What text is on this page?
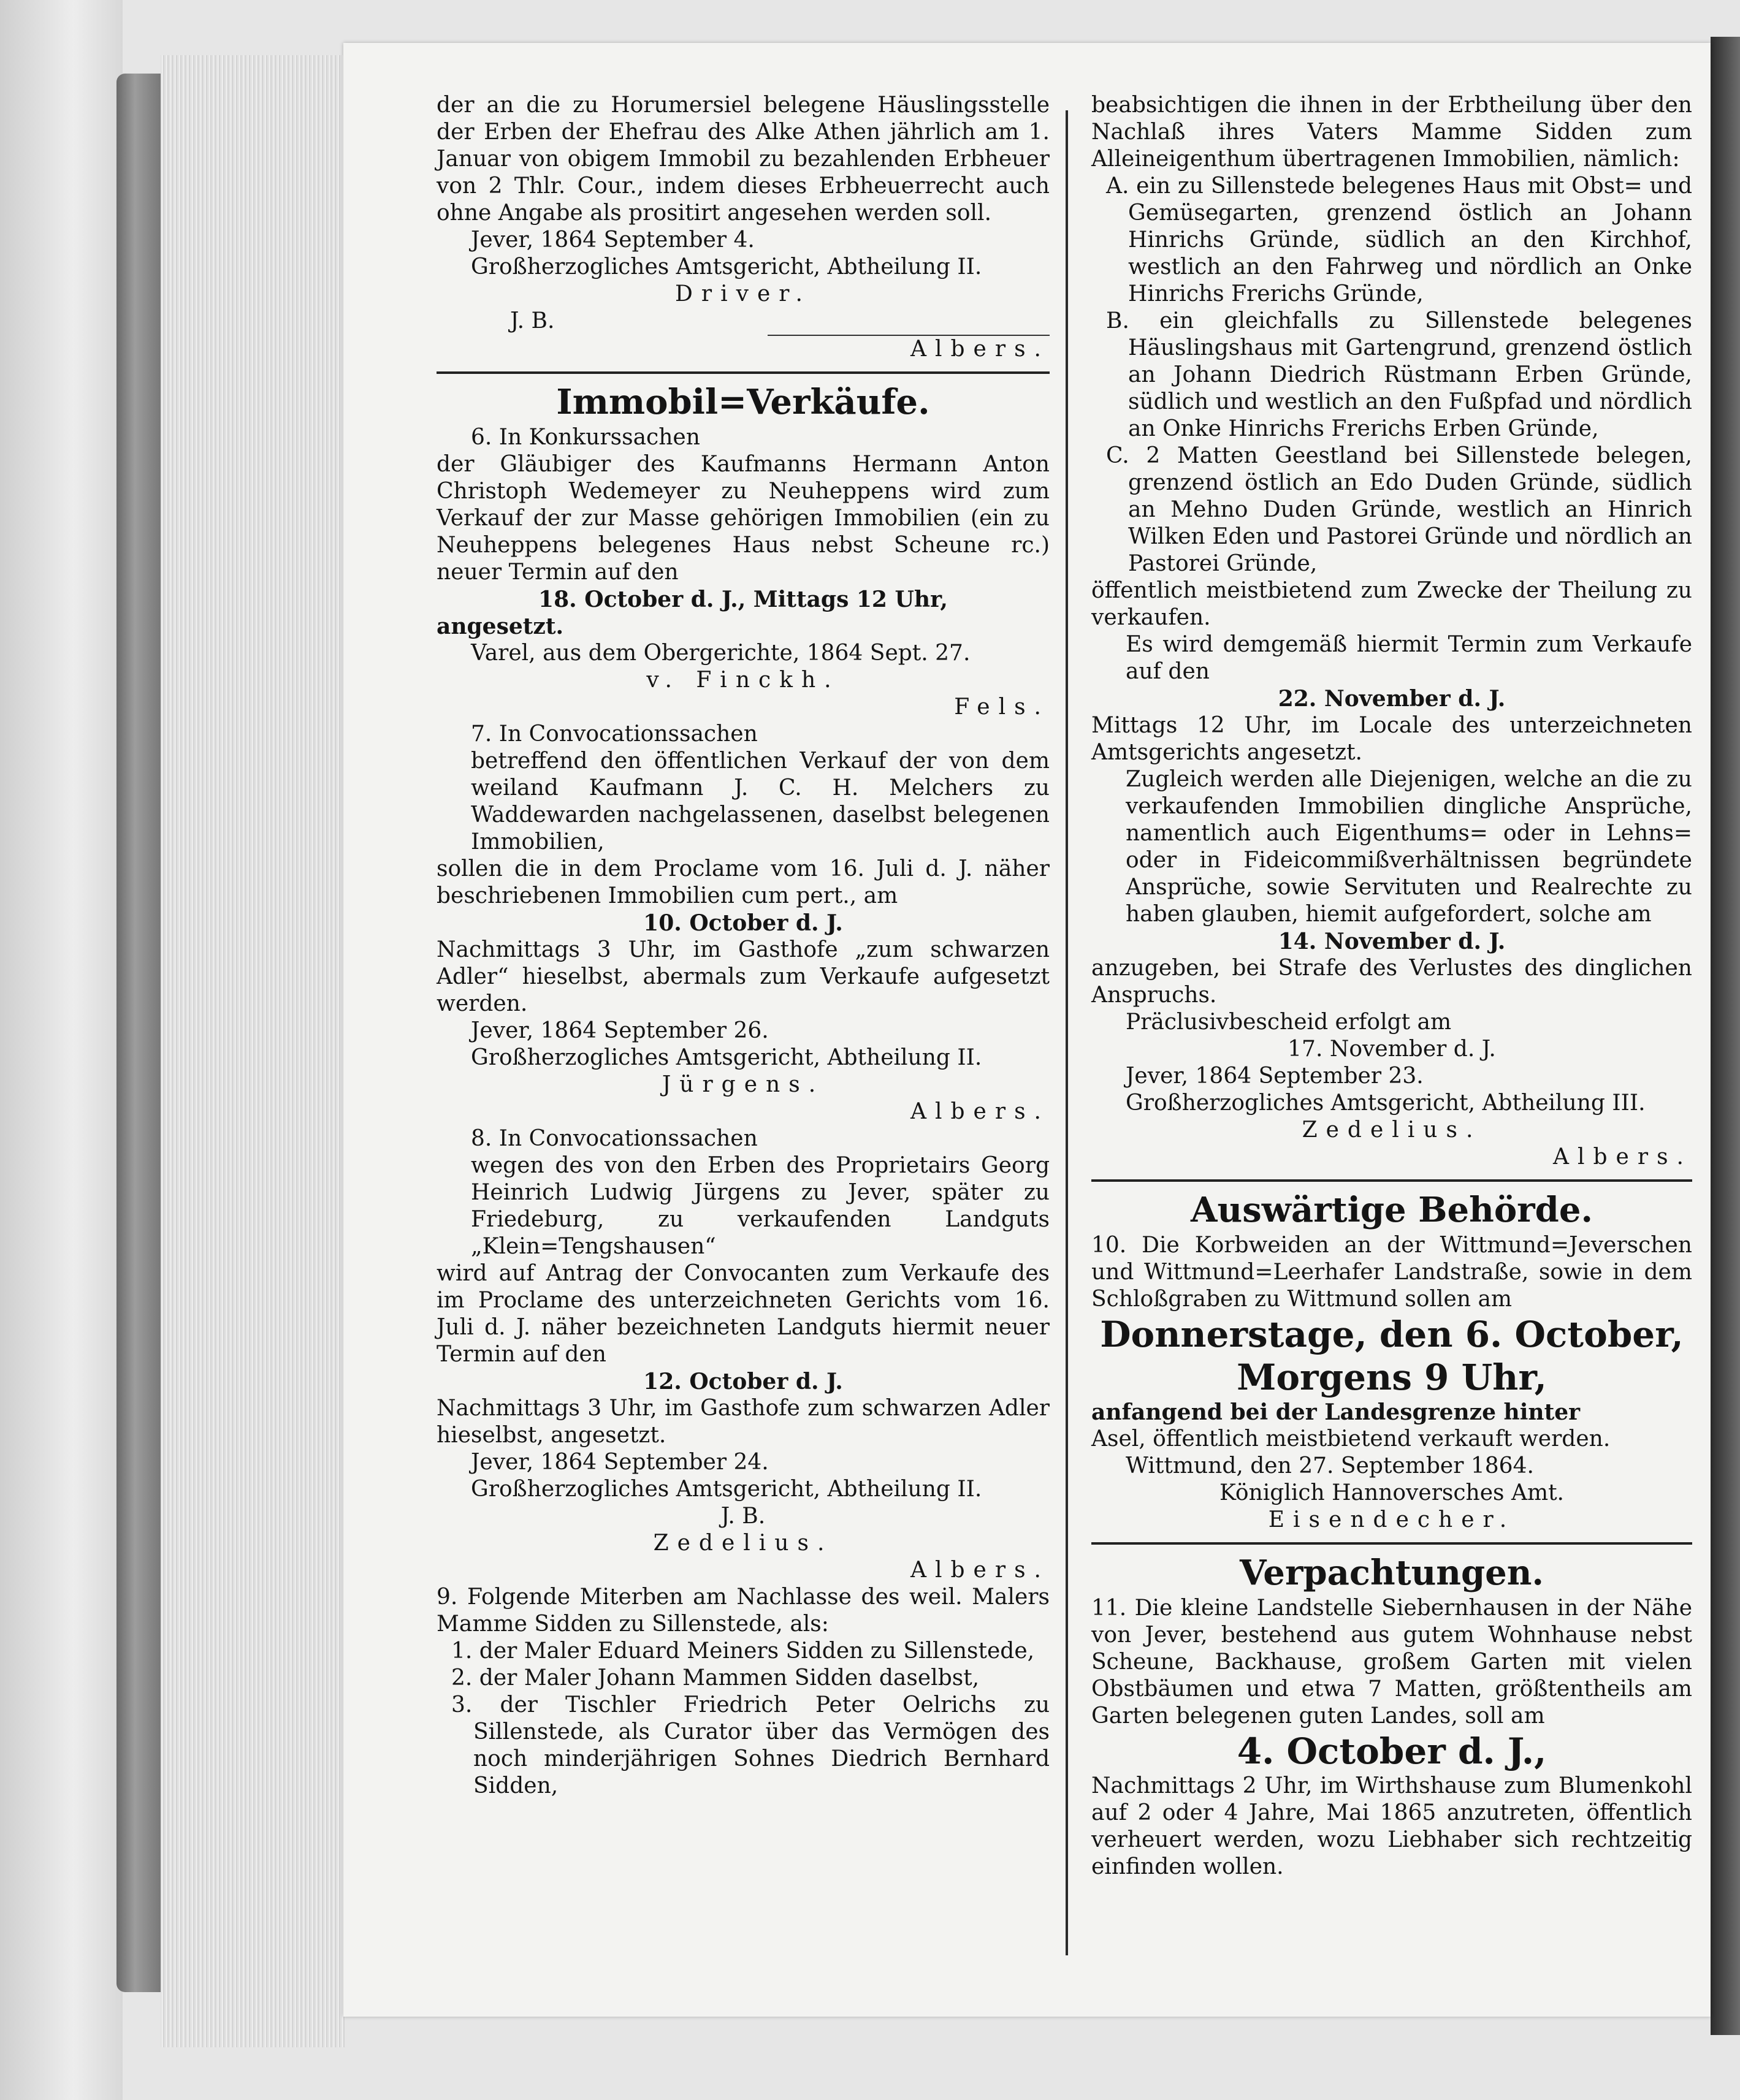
der an die zu Horumersiel belegene Häuslingsstelle der Erben der Ehefrau des Alke Athen jährlich am 1. Januar von obigem Immobil zu bezahlenden Erbheuer von 2 Thlr. Cour., indem dieses Erbheuerrecht auch ohne Angabe als prositirt angesehen werden soll.

Jever, 1864 September 4.

Großherzogliches Amtsgericht, Abtheilung II.

Driver.

J. B.

Albers.

Immobil=Verkäufe.

6. In Konkurssachen

der Gläubiger des Kaufmanns Hermann Anton Christoph Wedemeyer zu Neuheppens wird zum Verkauf der zur Masse gehörigen Immobilien (ein zu Neuheppens belegenes Haus nebst Scheune rc.) neuer Termin auf den

18. October d. J., Mittags 12 Uhr,

angesetzt.

Varel, aus dem Obergerichte, 1864 Sept. 27.

v. Finckh.

Fels.

7. In Convocationssachen

betreffend den öffentlichen Verkauf der von dem weiland Kaufmann J. C. H. Melchers zu Waddewarden nachgelassenen, daselbst belegenen Immobilien,

sollen die in dem Proclame vom 16. Juli d. J. näher beschriebenen Immobilien cum pert., am

10. October d. J.

Nachmittags 3 Uhr, im Gasthofe „zum schwarzen Adler“ hieselbst, abermals zum Verkaufe aufgesetzt werden.

Jever, 1864 September 26.

Großherzogliches Amtsgericht, Abtheilung II.

Jürgens.

Albers.

8. In Convocationssachen

wegen des von den Erben des Proprietairs Georg Heinrich Ludwig Jürgens zu Jever, später zu Friedeburg, zu verkaufenden Landguts „Klein=Tengshausen“

wird auf Antrag der Convocanten zum Verkaufe des im Proclame des unterzeichneten Gerichts vom 16. Juli d. J. näher bezeichneten Landguts hiermit neuer Termin auf den

12. October d. J.

Nachmittags 3 Uhr, im Gasthofe zum schwarzen Adler hieselbst, angesetzt.

Jever, 1864 September 24.

Großherzogliches Amtsgericht, Abtheilung II.

J. B.

Zedelius.

Albers.

9. Folgende Miterben am Nachlasse des weil. Malers Mamme Sidden zu Sillenstede, als:

1. der Maler Eduard Meiners Sidden zu Sillenstede,

2. der Maler Johann Mammen Sidden daselbst,

3. der Tischler Friedrich Peter Oelrichs zu Sillenstede, als Curator über das Vermögen des noch minderjährigen Sohnes Diedrich Bernhard Sidden,

beabsichtigen die ihnen in der Erbtheilung über den Nachlaß ihres Vaters Mamme Sidden zum Alleineigenthum übertragenen Immobilien, nämlich:

A. ein zu Sillenstede belegenes Haus mit Obst= und Gemüsegarten, grenzend östlich an Johann Hinrichs Gründe, südlich an den Kirchhof, westlich an den Fahrweg und nördlich an Onke Hinrichs Frerichs Gründe,

B. ein gleichfalls zu Sillenstede belegenes Häuslingshaus mit Gartengrund, grenzend östlich an Johann Diedrich Rüstmann Erben Gründe, südlich und westlich an den Fußpfad und nördlich an Onke Hinrichs Frerichs Erben Gründe,

C. 2 Matten Geestland bei Sillenstede belegen, grenzend östlich an Edo Duden Gründe, südlich an Mehno Duden Gründe, westlich an Hinrich Wilken Eden und Pastorei Gründe und nördlich an Pastorei Gründe,

öffentlich meistbietend zum Zwecke der Theilung zu verkaufen.

Es wird demgemäß hiermit Termin zum Verkaufe auf den

22. November d. J.

Mittags 12 Uhr, im Locale des unterzeichneten Amtsgerichts angesetzt.

Zugleich werden alle Diejenigen, welche an die zu verkaufenden Immobilien dingliche Ansprüche, namentlich auch Eigenthums= oder in Lehns= oder in Fideicommißverhältnissen begründete Ansprüche, sowie Servituten und Realrechte zu haben glauben, hiemit aufgefordert, solche am

14. November d. J.

anzugeben, bei Strafe des Verlustes des dinglichen Anspruchs.

Präclusivbescheid erfolgt am

17. November d. J.

Jever, 1864 September 23.

Großherzogliches Amtsgericht, Abtheilung III.

Zedelius.

Albers.

Auswärtige Behörde.

10. Die Korbweiden an der Wittmund=Jeverschen und Wittmund=Leerhafer Landstraße, sowie in dem Schloßgraben zu Wittmund sollen am

Donnerstage, den 6. October,

Morgens 9 Uhr,

anfangend bei der Landesgrenze hinter

Asel, öffentlich meistbietend verkauft werden.

Wittmund, den 27. September 1864.

Königlich Hannoversches Amt.

Eisendecher.

Verpachtungen.

11. Die kleine Landstelle Siebernhausen in der Nähe von Jever, bestehend aus gutem Wohnhause nebst Scheune, Backhause, großem Garten mit vielen Obstbäumen und etwa 7 Matten, größtentheils am Garten belegenen guten Landes, soll am

4. October d. J.,

Nachmittags 2 Uhr, im Wirthshause zum Blumenkohl auf 2 oder 4 Jahre, Mai 1865 anzutreten, öffentlich verheuert werden, wozu Liebhaber sich rechtzeitig einfinden wollen.
